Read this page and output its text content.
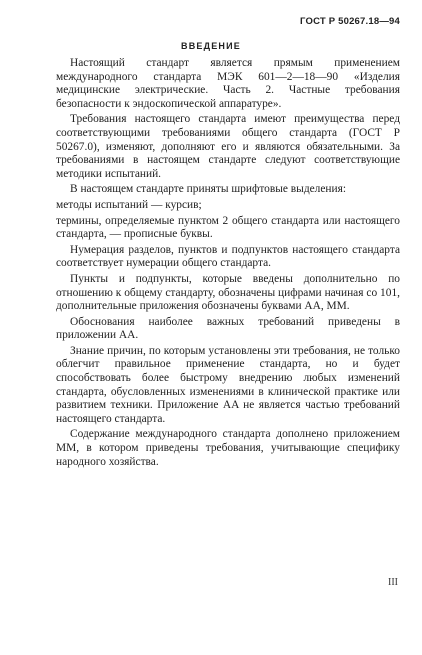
ГОСТ Р 50267.18—94
ВВЕДЕНИЕ

Настоящий стандарт является прямым применением международного стандарта МЭК 601—2—18—90 «Изделия медицинские электрические. Часть 2. Частные требования безопасности к эндоскопической аппаратуре».

Требования настоящего стандарта имеют преимущества перед соответствующими требованиями общего стандарта (ГОСТ Р 50267.0), изменяют, дополняют его и являются обязательными. За требованиями в настоящем стандарте следуют соответствующие методики испытаний.

В настоящем стандарте приняты шрифтовые выделения:

методы испытаний — курсив;

термины, определяемые пунктом 2 общего стандарта или настоящего стандарта, — прописные буквы.

Нумерация разделов, пунктов и подпунктов настоящего стандарта соответствует нумерации общего стандарта.

Пункты и подпункты, которые введены дополнительно по отношению к общему стандарту, обозначены цифрами начиная со 101, дополнительные приложения обозначены буквами AA, MM.

Обоснования наиболее важных требований приведены в приложении AA.

Знание причин, по которым установлены эти требования, не только облегчит правильное применение стандарта, но и будет способствовать более быстрому внедрению любых изменений стандарта, обусловленных изменениями в клинической практике или развитием техники. Приложение AA не является частью требований настоящего стандарта.

Содержание международного стандарта дополнено приложением MM, в котором приведены требования, учитывающие специфику народного хозяйства.

III
